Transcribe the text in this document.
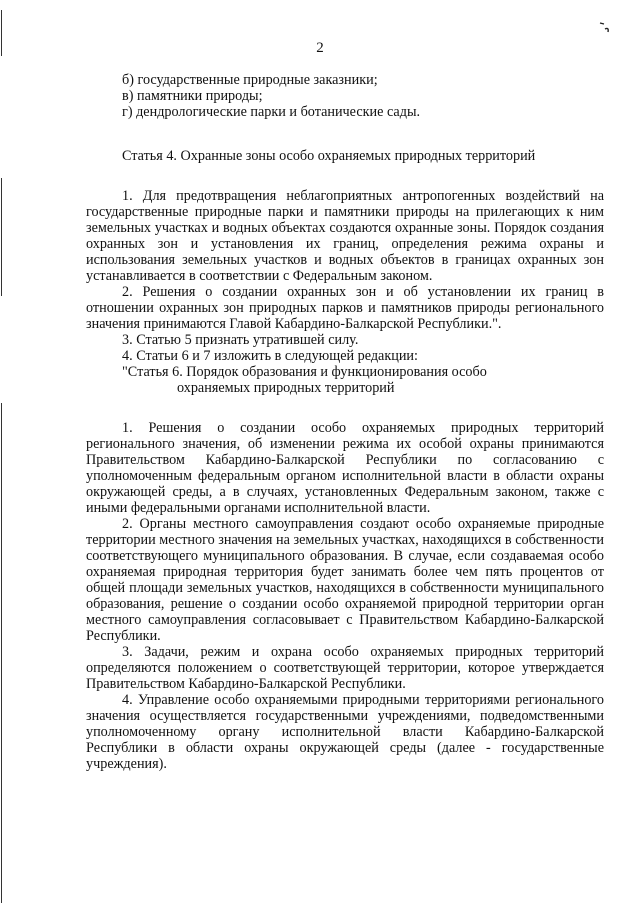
2
б) государственные природные заказники;
в) памятники природы;
г) дендрологические парки и ботанические сады.
Статья 4. Охранные зоны особо охраняемых природных территорий

1. Для предотвращения неблагоприятных антропогенных воздействий на государственные природные парки и памятники природы на прилегающих к ним земельных участках и водных объектах создаются охранные зоны. Порядок создания охранных зон и установления их границ, определения режима охраны и использования земельных участков и водных объектов в границах охранных зон устанавливается в соответствии с Федеральным законом.

2. Решения о создании охранных зон и об установлении их границ в отношении охранных зон природных парков и памятников природы регионального значения принимаются Главой Кабардино-Балкарской Республики.".

3. Статью 5 признать утратившей силу.
4. Статьи 6 и 7 изложить в следующей редакции:
"Статья 6. Порядок образования и функционирования особо
охраняемых природных территорий

1. Решения о создании особо охраняемых природных территорий регионального значения, об изменении режима их особой охраны принимаются Правительством Кабардино-Балкарской Республики по согласованию с уполномоченным федеральным органом исполнительной власти в области охраны окружающей среды, а в случаях, установленных Федеральным законом, также с иными федеральными органами исполнительной власти.

2. Органы местного самоуправления создают особо охраняемые природные территории местного значения на земельных участках, находящихся в собственности соответствующего муниципального образования. В случае, если создаваемая особо охраняемая природная территория будет занимать более чем пять процентов от общей площади земельных участков, находящихся в собственности муниципального образования, решение о создании особо охраняемой природной территории орган местного самоуправления согласовывает с Правительством Кабардино-Балкарской Республики.

3. Задачи, режим и охрана особо охраняемых природных территорий определяются положением о соответствующей территории, которое утверждается Правительством Кабардино-Балкарской Республики.

4. Управление особо охраняемыми природными территориями регионального значения осуществляется государственными учреждениями, подведомственными уполномоченному органу исполнительной власти Кабардино-Балкарской Республики в области охраны окружающей среды (далее - государственные учреждения).
